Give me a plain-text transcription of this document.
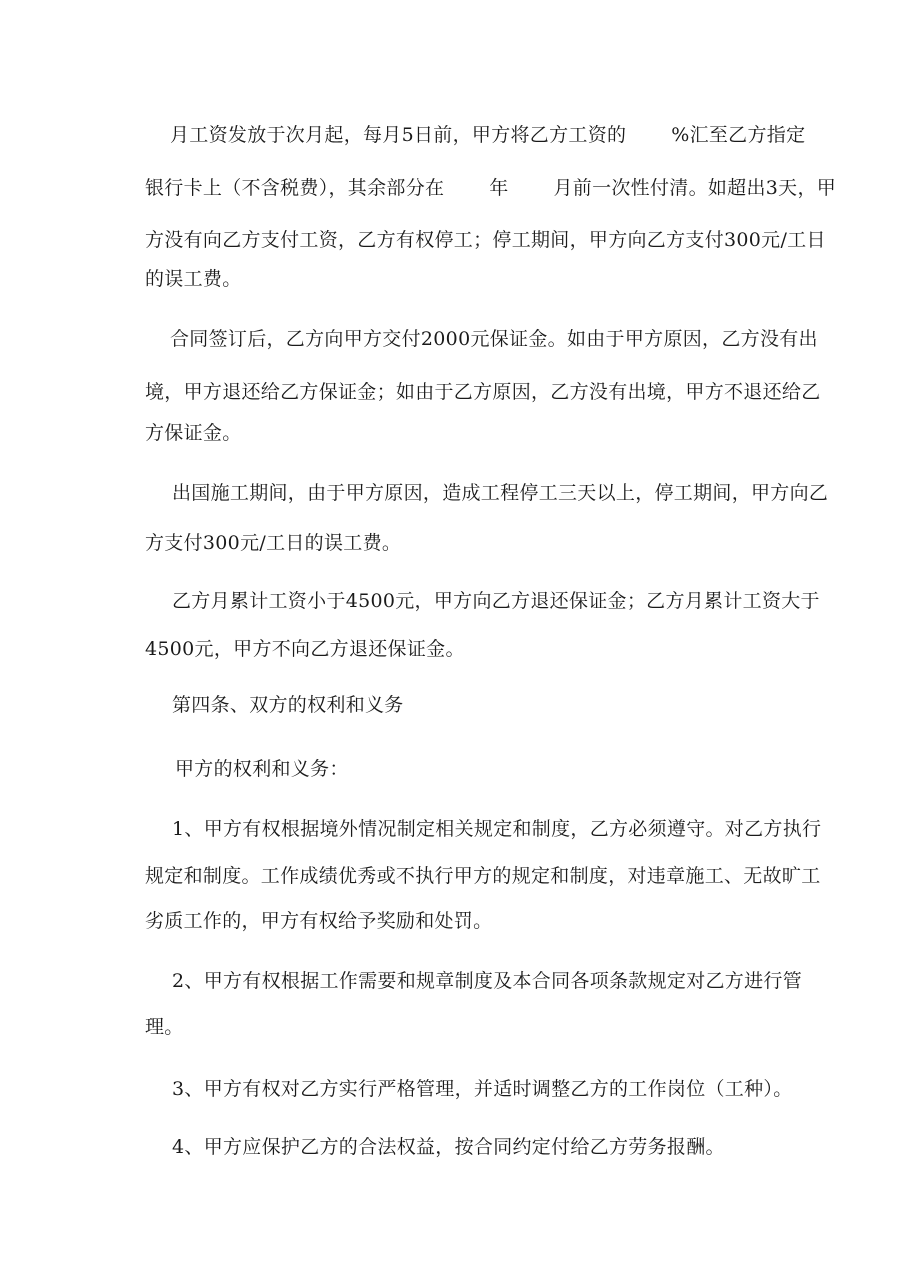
月工资发放于次月起，每月5日前，甲方将乙方工资的　　 %汇至乙方指定
银行卡上（不含税费），其余部分在　　 年　　 月前一次性付清。如超出3天，甲
方没有向乙方支付工资，乙方有权停工；停工期间，甲方向乙方支付300元/工日
的误工费。
合同签订后，乙方向甲方交付2000元保证金。如由于甲方原因，乙方没有出
境，甲方退还给乙方保证金；如由于乙方原因，乙方没有出境，甲方不退还给乙
方保证金。
出国施工期间，由于甲方原因，造成工程停工三天以上，停工期间，甲方向乙
方支付300元/工日的误工费。
乙方月累计工资小于4500元，甲方向乙方退还保证金；乙方月累计工资大于
4500元，甲方不向乙方退还保证金。
第四条、双方的权利和义务
甲方的权利和义务：
1、甲方有权根据境外情况制定相关规定和制度，乙方必须遵守。对乙方执行
规定和制度。工作成绩优秀或不执行甲方的规定和制度，对违章施工、无故旷工
劣质工作的，甲方有权给予奖励和处罚。
2、甲方有权根据工作需要和规章制度及本合同各项条款规定对乙方进行管
理。
3、甲方有权对乙方实行严格管理，并适时调整乙方的工作岗位（工种）。
4、甲方应保护乙方的合法权益，按合同约定付给乙方劳务报酬。
